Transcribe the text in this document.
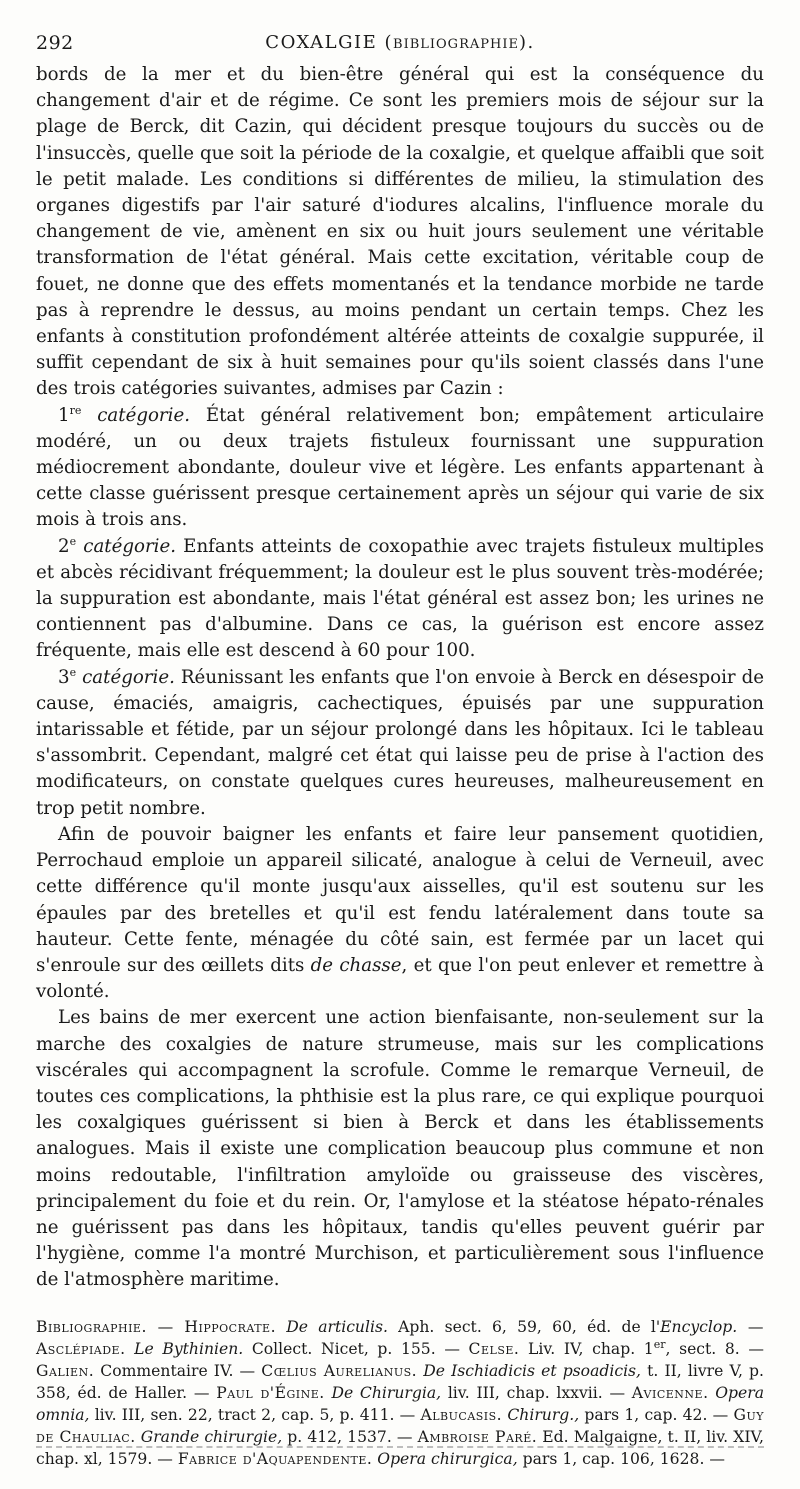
292	COXALGIE (BIBLIOGRAPHIE).

bords de la mer et du bien-être général qui est la conséquence du changement d'air et de régime. Ce sont les premiers mois de séjour sur la plage de Berck, dit Cazin, qui décident presque toujours du succès ou de l'insuccès, quelle que soit la période de la coxalgie, et quelque affaibli que soit le petit malade. Les conditions si différentes de milieu, la stimulation des organes digestifs par l'air saturé d'iodures alcalins, l'influence morale du changement de vie, amènent en six ou huit jours seulement une véritable transformation de l'état général. Mais cette excitation, véritable coup de fouet, ne donne que des effets momentanés et la tendance morbide ne tarde pas à reprendre le dessus, au moins pendant un certain temps. Chez les enfants à constitution profondément altérée atteints de coxalgie suppurée, il suffit cependant de six à huit semaines pour qu'ils soient classés dans l'une des trois catégories suivantes, admises par Cazin :

1re catégorie. État général relativement bon; empâtement articulaire modéré, un ou deux trajets fistuleux fournissant une suppuration médiocrement abondante, douleur vive et légère. Les enfants appartenant à cette classe guérissent presque certainement après un séjour qui varie de six mois à trois ans.

2e catégorie. Enfants atteints de coxopathie avec trajets fistuleux multiples et abcès récidivant fréquemment; la douleur est le plus souvent très-modérée; la suppuration est abondante, mais l'état général est assez bon; les urines ne contiennent pas d'albumine. Dans ce cas, la guérison est encore assez fréquente, mais elle est descend à 60 pour 100.

3e catégorie. Réunissant les enfants que l'on envoie à Berck en désespoir de cause, émaciés, amaigris, cachectiques, épuisés par une suppuration intarissable et fétide, par un séjour prolongé dans les hôpitaux. Ici le tableau s'assombrit. Cependant, malgré cet état qui laisse peu de prise à l'action des modificateurs, on constate quelques cures heureuses, malheureusement en trop petit nombre.

Afin de pouvoir baigner les enfants et faire leur pansement quotidien, Perrochaud emploie un appareil silicaté, analogue à celui de Verneuil, avec cette différence qu'il monte jusqu'aux aisselles, qu'il est soutenu sur les épaules par des bretelles et qu'il est fendu latéralement dans toute sa hauteur. Cette fente, ménagée du côté sain, est fermée par un lacet qui s'enroule sur des œillets dits de chasse, et que l'on peut enlever et remettre à volonté.

Les bains de mer exercent une action bienfaisante, non-seulement sur la marche des coxalgies de nature strumeuse, mais sur les complications viscérales qui accompagnent la scrofule. Comme le remarque Verneuil, de toutes ces complications, la phthisie est la plus rare, ce qui explique pourquoi les coxalgiques guérissent si bien à Berck et dans les établissements analogues. Mais il existe une complication beaucoup plus commune et non moins redoutable, l'infiltration amyloïde ou graisseuse des viscères, principalement du foie et du rein. Or, l'amylose et la stéatose hépato-rénales ne guérissent pas dans les hôpitaux, tandis qu'elles peuvent guérir par l'hygiène, comme l'a montré Murchison, et particulièrement sous l'influence de l'atmosphère maritime.

Bibliographie. — Hippocrate. De articulis. Aph. sect. 6, 59, 60, éd. de l'Encyclop. — Asclépiade. Le Bythinien. Collect. Nicet, p. 155. — Celse. Liv. IV, chap. 1er, sect. 8. — Galien. Commentaire IV. — Cœlius Aurelianus. De Ischiadicis et psoadicis, t. II, livre V, p. 358, éd. de Haller. — Paul d'Égine. De Chirurgia, liv. III, chap. lxxvii. — Avicenne. Opera omnia, liv. III, sen. 22, tract 2, cap. 5, p. 411. — Albucasis. Chirurg., pars 1, cap. 42. — Guy de Chauliac. Grande chirurgie, p. 412, 1537. — Ambroise Paré. Ed. Malgaigne, t. II, liv. XIV, chap. xl, 1579. — Fabrice d'Aquapendente. Opera chirurgica, pars 1, cap. 106, 1628. —
